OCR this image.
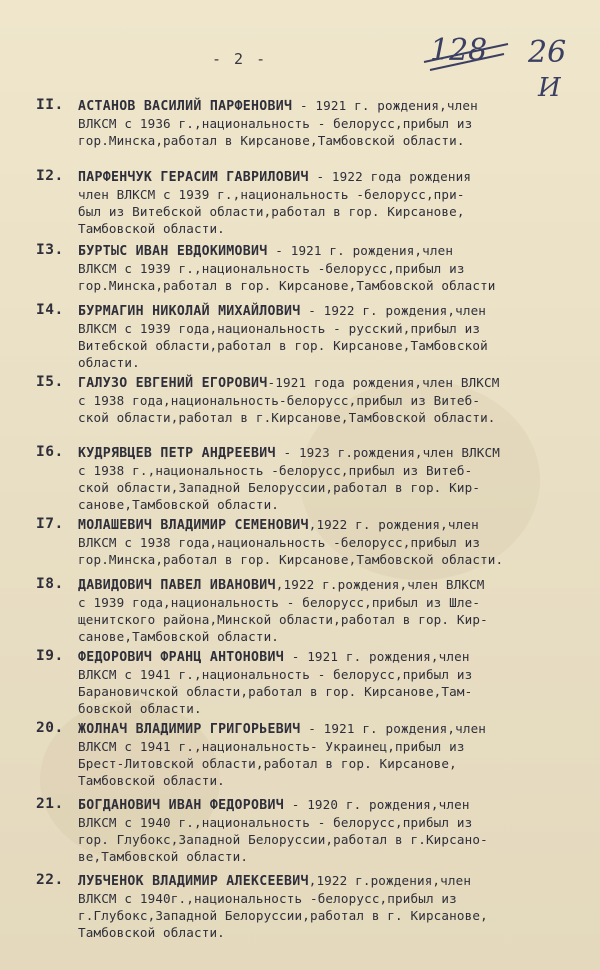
- 2 -	128 26
И
II.	АСТАНОВ ВАСИЛИЙ ПАРФЕНОВИЧ - 1921 г. рождения,член
ВЛКСМ с 1936 г.,национальность - белорусс,прибыл из
гор.Минска,работал в Кирсанове,Тамбовской области.
I2.	ПАРФЕНЧУК ГЕРАСИМ ГАВРИЛОВИЧ - 1922 года рождения
член ВЛКСМ с 1939 г.,национальность -белорусс,при-
был из Витебской области,работал в гор. Кирсанове,
Тамбовской области.
I3.	БУРТЫС ИВАН ЕВДОКИМОВИЧ - 1921 г. рождения,член
ВЛКСМ с 1939 г.,национальность -белорусс,прибыл из
гор.Минска,работал в гор. Кирсанове,Тамбовской области
I4.	БУРМАГИН НИКОЛАЙ МИХАЙЛОВИЧ - 1922 г. рождения,член
ВЛКСМ с 1939 года,национальность - русский,прибыл из
Витебской области,работал в гор. Кирсанове,Тамбовской
области.
I5.	ГАЛУЗО ЕВГЕНИЙ ЕГОРОВИЧ-1921 года рождения,член ВЛКСМ
с 1938 года,национальность-белорусс,прибыл из Витеб-
ской области,работал в г.Кирсанове,Тамбовской области.
I6.	КУДРЯВЦЕВ ПЕТР АНДРЕЕВИЧ - 1923 г.рождения,член ВЛКСМ
с 1938 г.,национальность -белорусс,прибыл из Витеб-
ской области,Западной Белоруссии,работал в гор. Кир-
санове,Тамбовской области.
I7.	МОЛАШЕВИЧ ВЛАДИМИР СЕМЕНОВИЧ,1922 г. рождения,член
ВЛКСМ с 1938 года,национальность -белорусс,прибыл из
гор.Минска,работал в гор. Кирсанове,Тамбовской области.
I8.	ДАВИДОВИЧ ПАВЕЛ ИВАНОВИЧ,1922 г.рождения,член ВЛКСМ
с 1939 года,национальность - белорусс,прибыл из Шле-
щенитского района,Минской области,работал в гор. Кир-
санове,Тамбовской области.
I9.	ФЕДОРОВИЧ ФРАНЦ АНТОНОВИЧ - 1921 г. рождения,член
ВЛКСМ с 1941 г.,национальность - белорусс,прибыл из
Барановичской области,работал в гор. Кирсанове,Там-
бовской области.
20.	ЖОЛНАЧ ВЛАДИМИР ГРИГОРЬЕВИЧ - 1921 г. рождения,член
ВЛКСМ с 1941 г.,национальность- Украинец,прибыл из
Брест-Литовской области,работал в гор. Кирсанове,
Тамбовской области.
21.	БОГДАНОВИЧ ИВАН ФЕДОРОВИЧ - 1920 г. рождения,член
ВЛКСМ с 1940 г.,национальность - белорусс,прибыл из
гор. Глубокс,Западной Белоруссии,работал в г.Кирсано-
ве,Тамбовской области.
22.	ЛУБЧЕНОК ВЛАДИМИР АЛЕКСЕЕВИЧ,1922 г.рождения,член
ВЛКСМ с 1940г.,национальность -белорусс,прибыл из
г.Глубокс,Западной Белоруссии,работал в г. Кирсанове,
Тамбовской области.
